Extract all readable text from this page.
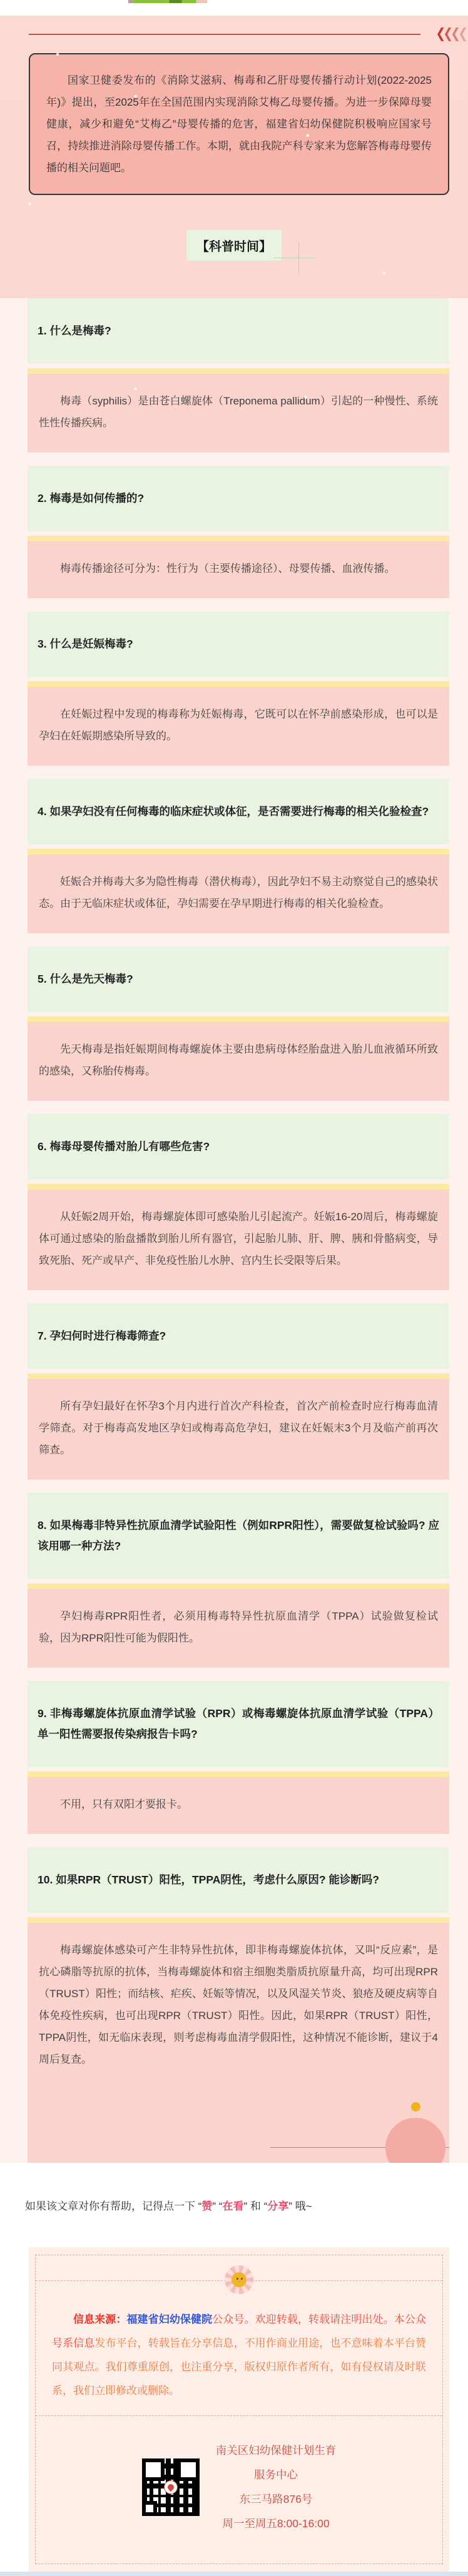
❮❮❮❮

国家卫健委发布的《消除艾滋病、梅毒和乙肝母婴传播行动计划(2022-2025年)》提出，至2025年在全国范围内实现消除艾梅乙母婴传播。为进一步保障母婴健康，减少和避免“艾梅乙”母婴传播的危害，福建省妇幼保健院积极响应国家号召，持续推进消除母婴传播工作。本期，就由我院产科专家来为您解答梅毒母婴传播的相关问题吧。

【科普时间】

1. 什么是梅毒?

梅毒（syphilis）是由苍白螺旋体（Treponema pallidum）引起的一种慢性、系统性性传播疾病。

2. 梅毒是如何传播的?

梅毒传播途径可分为：性行为（主要传播途径）、母婴传播、血液传播。

3. 什么是妊娠梅毒?

在妊娠过程中发现的梅毒称为妊娠梅毒，它既可以在怀孕前感染形成，也可以是孕妇在妊娠期感染所导致的。

4. 如果孕妇没有任何梅毒的临床症状或体征，是否需要进行梅毒的相关化验检查?

妊娠合并梅毒大多为隐性梅毒（潜伏梅毒），因此孕妇不易主动察觉自己的感染状态。由于无临床症状或体征，孕妇需要在孕早期进行梅毒的相关化验检查。

5. 什么是先天梅毒?

先天梅毒是指妊娠期间梅毒螺旋体主要由患病母体经胎盘进入胎儿血液循环所致的感染，又称胎传梅毒。

6. 梅毒母婴传播对胎儿有哪些危害?

从妊娠2周开始，梅毒螺旋体即可感染胎儿引起流产。妊娠16-20周后，梅毒螺旋体可通过感染的胎盘播散到胎儿所有器官，引起胎儿肺、肝、脾、胰和骨骼病变，导致死胎、死产或早产、非免疫性胎儿水肿、宫内生长受限等后果。

7. 孕妇何时进行梅毒筛查?

所有孕妇最好在怀孕3个月内进行首次产科检查，首次产前检查时应行梅毒血清学筛查。对于梅毒高发地区孕妇或梅毒高危孕妇，建议在妊娠末3个月及临产前再次筛查。

8. 如果梅毒非特异性抗原血清学试验阳性（例如RPR阳性），需要做复检试验吗? 应该用哪一种方法?

孕妇梅毒RPR阳性者，必须用梅毒特异性抗原血清学（TPPA）试验做复检试验，因为RPR阳性可能为假阳性。

9. 非梅毒螺旋体抗原血清学试验（RPR）或梅毒螺旋体抗原血清学试验（TPPA）单一阳性需要报传染病报告卡吗?

不用，只有双阳才要报卡。

10. 如果RPR（TRUST）阳性，TPPA阴性，考虑什么原因? 能诊断吗?

梅毒螺旋体感染可产生非特异性抗体，即非梅毒螺旋体抗体，又叫“反应素”，是抗心磷脂等抗原的抗体，当梅毒螺旋体和宿主细胞类脂质抗原量升高，均可出现RPR（TRUST）阳性；而结核、疟疾、妊娠等情况，以及风湿关节炎、狼疮及硬皮病等自体免疫性疾病，也可出现RPR（TRUST）阳性。因此，如果RPR（TRUST）阳性，TPPA阴性，如无临床表现，则考虑梅毒血清学假阳性，这种情况不能诊断，建议于4周后复查。

如果该文章对你有帮助，记得点一下 “赞” “在看” 和 “分享” 哦~

信息来源：福建省妇幼保健院公众号。欢迎转载，转载请注明出处。本公众号系信息发布平台，转载旨在分享信息，不用作商业用途，也不意味着本平台赞同其观点。我们尊重原创，也注重分享，版权归原作者所有，如有侵权请及时联系，我们立即修改或删除。

南关区妇幼保健计划生育
服务中心
东三马路876号
周一至周五8:00-16:00
